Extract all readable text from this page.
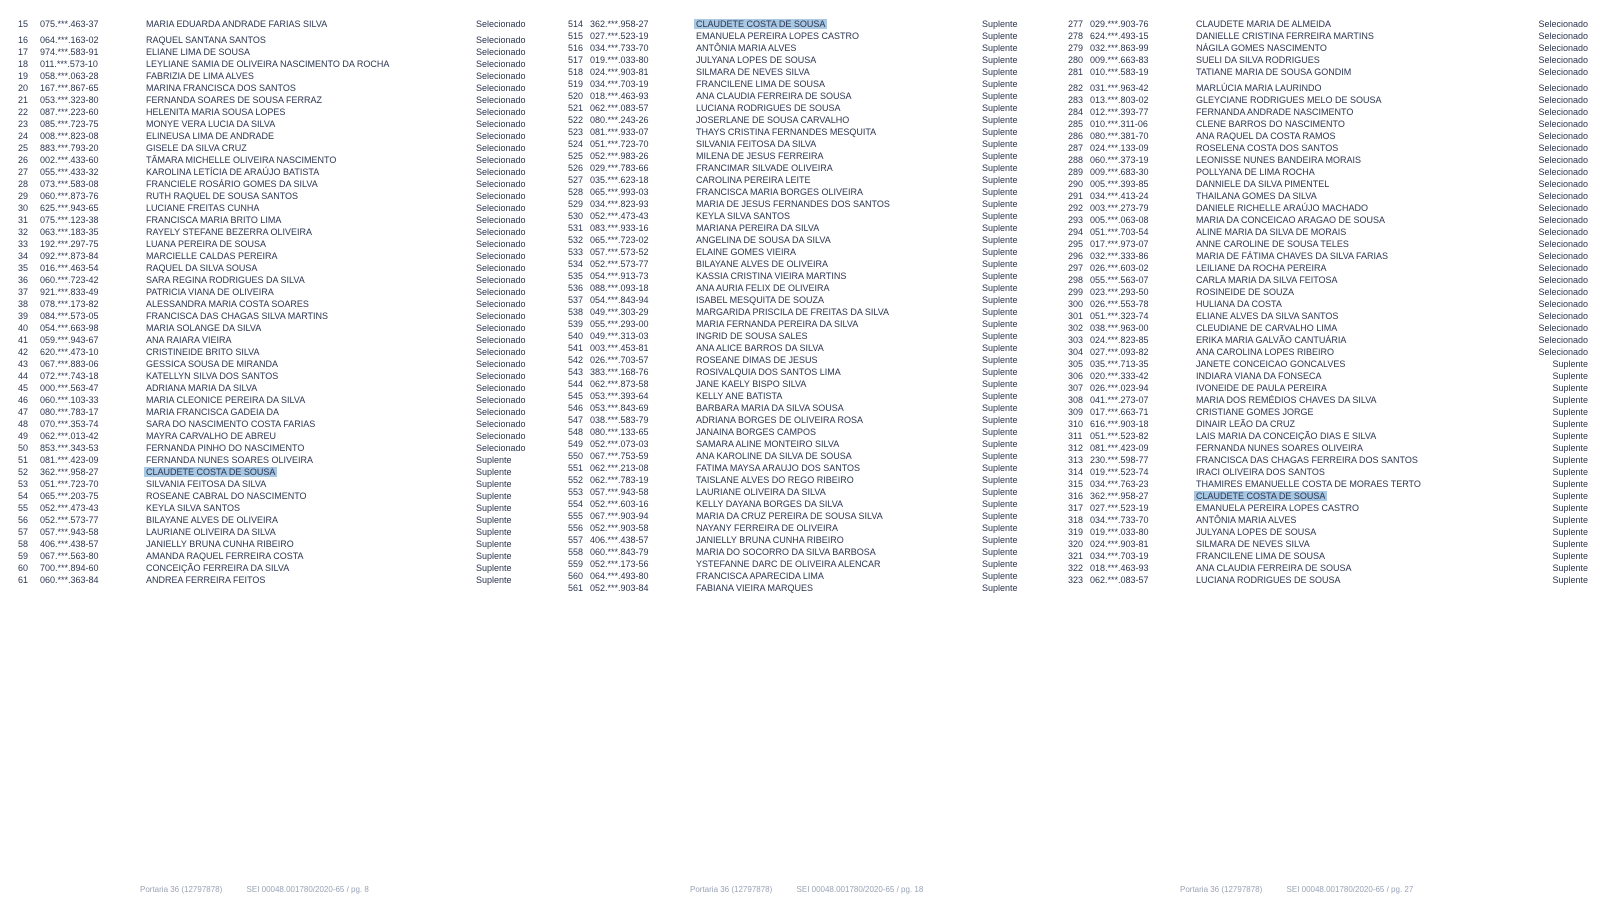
15	075.***.463-37	MARIA EDUARDA ANDRADE FARIAS SILVA	Selecionado
16	064.***.163-02	RAQUEL SANTANA SANTOS	Selecionado
17	974.***.583-91	ELIANE LIMA DE SOUSA	Selecionado
18	011.***.573-10	LEYLIANE SAMIA DE OLIVEIRA NASCIMENTO DA ROCHA	Selecionado
19	058.***.063-28	FABRIZIA DE LIMA ALVES	Selecionado
20	167.***.867-65	MARINA FRANCISCA DOS SANTOS	Selecionado
21	053.***.323-80	FERNANDA SOARES DE SOUSA FERRAZ	Selecionado
22	087.***.223-60	HELENITA MARIA SOUSA LOPES	Selecionado
23	085.***.723-75	MONYE VERA LUCIA DA SILVA	Selecionado
24	008.***.823-08	ELINEUSA LIMA DE ANDRADE	Selecionado
25	883.***.793-20	GISELE DA SILVA CRUZ	Selecionado
26	002.***.433-60	TÂMARA MICHELLE OLIVEIRA NASCIMENTO	Selecionado
27	055.***.433-32	KAROLINA LETÍCIA DE ARAÚJO BATISTA	Selecionado
28	073.***.583-08	FRANCIELE ROSÁRIO GOMES DA SILVA	Selecionado
29	060.***.873-76	RUTH RAQUEL DE SOUSA SANTOS	Selecionado
30	625.***.943-65	LUCIANE FREITAS CUNHA	Selecionado
31	075.***.123-38	FRANCISCA MARIA BRITO LIMA	Selecionado
32	063.***.183-35	RAYELY STEFANE BEZERRA OLIVEIRA	Selecionado
33	192.***.297-75	LUANA PEREIRA DE SOUSA	Selecionado
34	092.***.873-84	MARCIELLE CALDAS PEREIRA	Selecionado
35	016.***.463-54	RAQUEL DA SILVA SOUSA	Selecionado
36	060.***.723-42	SARA REGINA RODRIGUES DA SILVA	Selecionado
37	921.***.833-49	PATRICIA VIANA DE OLIVEIRA	Selecionado
38	078.***.173-82	ALESSANDRA MARIA COSTA SOARES	Selecionado
39	084.***.573-05	FRANCISCA DAS CHAGAS SILVA MARTINS	Selecionado
40	054.***.663-98	MARIA SOLANGE DA SILVA	Selecionado
41	059.***.943-67	ANA RAIARA VIEIRA	Selecionado
42	620.***.473-10	CRISTINEIDE BRITO SILVA	Selecionado
43	067.***.883-06	GESSICA SOUSA DE MIRANDA	Selecionado
44	072.***.743-18	KATELLYN SILVA DOS SANTOS	Selecionado
45	000.***.563-47	ADRIANA MARIA DA SILVA	Selecionado
46	060.***.103-33	MARIA CLEONICE PEREIRA DA SILVA	Selecionado
47	080.***.783-17	MARIA FRANCISCA GADEIA DA	Selecionado
48	070.***.353-74	SARA DO NASCIMENTO COSTA FARIAS	Selecionado
49	062.***.013-42	MAYRA CARVALHO DE ABREU	Selecionado
50	853.***.343-53	FERNANDA PINHO DO NASCIMENTO	Selecionado
51	081.***.423-09	FERNANDA NUNES SOARES OLIVEIRA	Suplente
52	362.***.958-27	CLAUDETE COSTA DE SOUSA	Suplente
53	051.***.723-70	SILVANIA FEITOSA DA SILVA	Suplente
54	065.***.203-75	ROSEANE CABRAL DO NASCIMENTO	Suplente
55	052.***.473-43	KEYLA SILVA SANTOS	Suplente
56	052.***.573-77	BILAYANE ALVES DE OLIVEIRA	Suplente
57	057.***.943-58	LAURIANE OLIVEIRA DA SILVA	Suplente
58	406.***.438-57	JANIELLY BRUNA CUNHA RIBEIRO	Suplente
59	067.***.563-80	AMANDA RAQUEL FERREIRA COSTA	Suplente
60	700.***.894-60	CONCEIÇÃO FERREIRA DA SILVA	Suplente
61	060.***.363-84	ANDREA FERREIRA FEITOS	Suplente
514 362.***.958-27	CLAUDETE COSTA DE SOUSA	Suplente
515 027.***.523-19	EMANUELA PEREIRA LOPES CASTRO	Suplente
516 034.***.733-70	ANTÔNIA MARIA ALVES	Suplente
517 019.***.033-80	JULYANA LOPES DE SOUSA	Suplente
518 024.***.903-81	SILMARA DE NEVES SILVA	Suplente
519 034.***.703-19	FRANCILENE LIMA DE SOUSA	Suplente
520 018.***.463-93	ANA CLAUDIA FERREIRA DE SOUSA	Suplente
521 062.***.083-57	LUCIANA RODRIGUES DE SOUSA	Suplente
522 080.***.243-26	JOSERLANE DE SOUSA CARVALHO	Suplente
523 081.***.933-07	THAYS CRISTINA FERNANDES MESQUITA	Suplente
524 051.***.723-70	SILVANIA FEITOSA DA SILVA	Suplente
525 052.***.983-26	MILENA DE JESUS FERREIRA	Suplente
526 029.***.783-66	FRANCIMAR SILVADE OLIVEIRA	Suplente
527 035.***.623-18	CAROLINA PEREIRA LEITE	Suplente
528 065.***.993-03	FRANCISCA MARIA BORGES OLIVEIRA	Suplente
529 034.***.823-93	MARIA DE JESUS FERNANDES DOS SANTOS	Suplente
530 052.***.473-43	KEYLA SILVA SANTOS	Suplente
531 083.***.933-16	MARIANA PEREIRA DA SILVA	Suplente
532 065.***.723-02	ANGELINA DE SOUSA DA SILVA	Suplente
533 057.***.573-52	ELAINE GOMES VIEIRA	Suplente
534 052.***.573-77	BILAYANE ALVES DE OLIVEIRA	Suplente
535 054.***.913-73	KASSIA CRISTINA VIEIRA MARTINS	Suplente
536 088.***.093-18	ANA AURIA FELIX DE OLIVEIRA	Suplente
537 054.***.843-94	ISABEL MESQUITA DE SOUZA	Suplente
538 049.***.303-29	MARGARIDA PRISCILA DE FREITAS DA SILVA	Suplente
539 055.***.293-00	MARIA FERNANDA PEREIRA DA SILVA	Suplente
540 049.***.313-03	INGRID DE SOUSA SALES	Suplente
541 003.***.453-81	ANA ALICE BARROS DA SILVA	Suplente
542 026.***.703-57	ROSEANE DIMAS DE JESUS	Suplente
543 383.***.168-76	ROSIVALQUIA DOS SANTOS LIMA	Suplente
544 062.***.873-58	JANE KAELY BISPO SILVA	Suplente
545 053.***.393-64	KELLY ANE BATISTA	Suplente
546 053.***.843-69	BARBARA MARIA DA SILVA SOUSA	Suplente
547 038.***.583-79	ADRIANA BORGES DE OLIVEIRA ROSA	Suplente
548 080.***.133-65	JANAINA BORGES CAMPOS	Suplente
549 052.***.073-03	SAMARA ALINE MONTEIRO SILVA	Suplente
550 067.***.753-59	ANA KAROLINE DA SILVA DE SOUSA	Suplente
551 062.***.213-08	FATIMA MAYSA ARAUJO DOS SANTOS	Suplente
552 062.***.783-19	TAISLANE ALVES DO REGO RIBEIRO	Suplente
553 057.***.943-58	LAURIANE OLIVEIRA DA SILVA	Suplente
554 052.***.603-16	KELLY DAYANA BORGES DA SILVA	Suplente
555 067.***.903-94	MARIA DA CRUZ PEREIRA DE SOUSA SILVA	Suplente
556 052.***.903-58	NAYANY FERREIRA DE OLIVEIRA	Suplente
557 406.***.438-57	JANIELLY BRUNA CUNHA RIBEIRO	Suplente
558 060.***.843-79	MARIA DO SOCORRO DA SILVA BARBOSA	Suplente
559 052.***.173-56	YSTEFANNE DARC DE OLIVEIRA ALENCAR	Suplente
560 064.***.493-80	FRANCISCA APARECIDA LIMA	Suplente
561 052.***.903-84	FABIANA VIEIRA MARQUES	Suplente
277 029.***.903-76	CLAUDETE MARIA DE ALMEIDA	Selecionado
278 624.***.493-15	DANIELLE CRISTINA FERREIRA MARTINS	Selecionado
279 032.***.863-99	NÁGILA GOMES NASCIMENTO	Selecionado
280 009.***.663-83	SUELI DA SILVA RODRIGUES	Selecionado
281 010.***.583-19	TATIANE MARIA DE SOUSA GONDIM	Selecionado
282 031.***.963-42	MARLÚCIA MARIA LAURINDO	Selecionado
283 013.***.803-02	GLEYCIANE RODRIGUES MELO DE SOUSA	Selecionado
284 012.***.393-77	FERNANDA ANDRADE NASCIMENTO	Selecionado
285 010.***.311-06	CLENE BARROS DO NASCIMENTO	Selecionado
286 080.***.381-70	ANA RAQUEL DA COSTA RAMOS	Selecionado
287 024.***.133-09	ROSELENA COSTA DOS SANTOS	Selecionado
288 060.***.373-19	LEONISSE NUNES BANDEIRA MORAIS	Selecionado
289 009.***.683-30	POLLYANA DE LIMA ROCHA	Selecionado
290 005.***.393-85	DANNIELE DA SILVA PIMENTEL	Selecionado
291 034.***.413-24	THAILANA GOMES DA SILVA	Selecionado
292 003.***.273-79	DANIELE RICHELLE ARAÚJO MACHADO	Selecionado
293 005.***.063-08	MARIA DA CONCEICAO ARAGAO DE SOUSA	Selecionado
294 051.***.703-54	ALINE MARIA DA SILVA DE MORAIS	Selecionado
295 017.***.973-07	ANNE CAROLINE DE SOUSA TELES	Selecionado
296 032.***.333-86	MARIA DE FÁTIMA CHAVES DA SILVA FARIAS	Selecionado
297 026.***.603-02	LEILIANE DA ROCHA PEREIRA	Selecionado
298 055.***.563-07	CARLA MARIA DA SILVA FEITOSA	Selecionado
299 023.***.293-50	ROSINEIDE DE SOUZA	Selecionado
300 026.***.553-78	HULIANA DA COSTA	Selecionado
301 051.***.323-74	ELIANE ALVES DA SILVA SANTOS	Selecionado
302 038.***.963-00	CLEUDIANE DE CARVALHO LIMA	Selecionado
303 024.***.823-85	ERIKA MARIA GALVÃO CANTUÁRIA	Selecionado
304 027.***.093-82	ANA CAROLINA LOPES RIBEIRO	Selecionado
305 035.***.713-35	JANETE CONCEICAO GONCALVES	Suplente
306 020.***.333-42	INDIARA VIANA DA FONSECA	Suplente
307 026.***.023-94	IVONEIDE DE PAULA PEREIRA	Suplente
308 041.***.273-07	MARIA DOS REMÉDIOS CHAVES DA SILVA	Suplente
309 017.***.663-71	CRISTIANE GOMES JORGE	Suplente
310 616.***.903-18	DINAIR LEÃO DA CRUZ	Suplente
311 051.***.523-82	LAIS MARIA DA CONCEIÇÃO DIAS E SILVA	Suplente
312 081.***.423-09	FERNANDA NUNES SOARES OLIVEIRA	Suplente
313 230.***.598-77	FRANCISCA DAS CHAGAS FERREIRA DOS SANTOS	Suplente
314 019.***.523-74	IRACI OLIVEIRA DOS SANTOS	Suplente
315 034.***.763-23	THAMIRES EMANUELLE COSTA DE MORAES TERTO	Suplente
316 362.***.958-27	CLAUDETE COSTA DE SOUSA	Suplente
317 027.***.523-19	EMANUELA PEREIRA LOPES CASTRO	Suplente
318 034.***.733-70	ANTÔNIA MARIA ALVES	Suplente
319 019.***.033-80	JULYANA LOPES DE SOUSA	Suplente
320 024.***.903-81	SILMARA DE NEVES SILVA	Suplente
321 034.***.703-19	FRANCILENE LIMA DE SOUSA	Suplente
322 018.***.463-93	ANA CLAUDIA FERREIRA DE SOUSA	Suplente
323 062.***.083-57	LUCIANA RODRIGUES DE SOUSA	Suplente
Portaria 36 (12797878)	SEI 00048.001780/2020-65 / pg. 8	Portaria 36 (12797878)	SEI 00048.001780/2020-65 / pg. 18	Portaria 36 (12797878)	SEI 00048.001780/2020-65 / pg. 27
